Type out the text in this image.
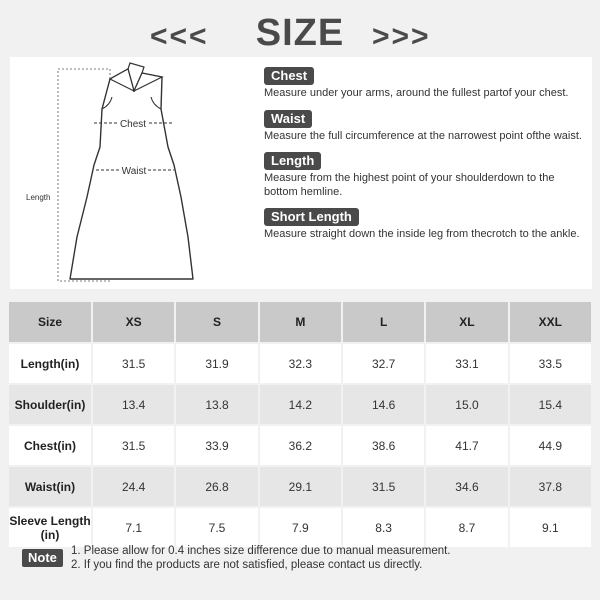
<<<	SIZE >>>
Chest
Waist
Length
Chest

Measure under your arms, around the fullest partof your chest.

Waist

Measure the full circumference at the narrowest point ofthe waist.

Length

Measure from the highest point of your shoulderdown to the bottom hemline.

Short Length

Measure straight down the inside leg from thecrotch to the ankle.

Size	XS	S	M	L	XL	XXL
Length(in)	31.5	31.9	32.3	32.7	33.1	33.5
Shoulder(in)	13.4	13.8	14.2	14.6	15.0	15.4
Chest(in)	31.5	33.9	36.2	38.6	41.7	44.9
Waist(in)	24.4	26.8	29.1	31.5	34.6	37.8
Sleeve Length (in)	7.1	7.5	7.9	8.3	8.7	9.1
Note	1. Please allow for 0.4 inches size difference due to manual measurement.
2. If you find the products are not satisfied, please contact us directly.
